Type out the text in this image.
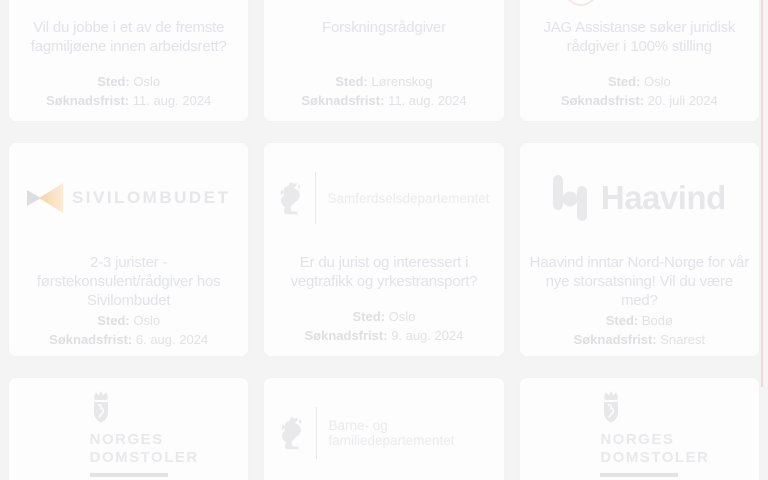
Vil du jobbe i et av de fremste fagmiljøene innen arbeidsrett?
Sted: Oslo
Søknadsfrist: 11. aug. 2024
Forskningsrådgiver
Sted: Lørenskog
Søknadsfrist: 11. aug. 2024
JAG Assistanse søker juridisk rådgiver i 100% stilling
Sted: Oslo
Søknadsfrist: 20. juli 2024
SIVILOMBUDET
2-3 jurister - førstekonsulent/rådgiver hos Sivilombudet
Sted: Oslo
Søknadsfrist: 6. aug. 2024
Samferdselsdepartementet
Er du jurist og interessert i vegtrafikk og yrkestransport?
Sted: Oslo
Søknadsfrist: 9. aug. 2024
Haavind
Haavind inntar Nord-Norge for vår nye storsatsning! Vil du være med?
Sted: Bodø
Søknadsfrist: Snarest
NORGES
DOMSTOLER
Barne- og familiedepartementet	NORGES
DOMSTOLER
